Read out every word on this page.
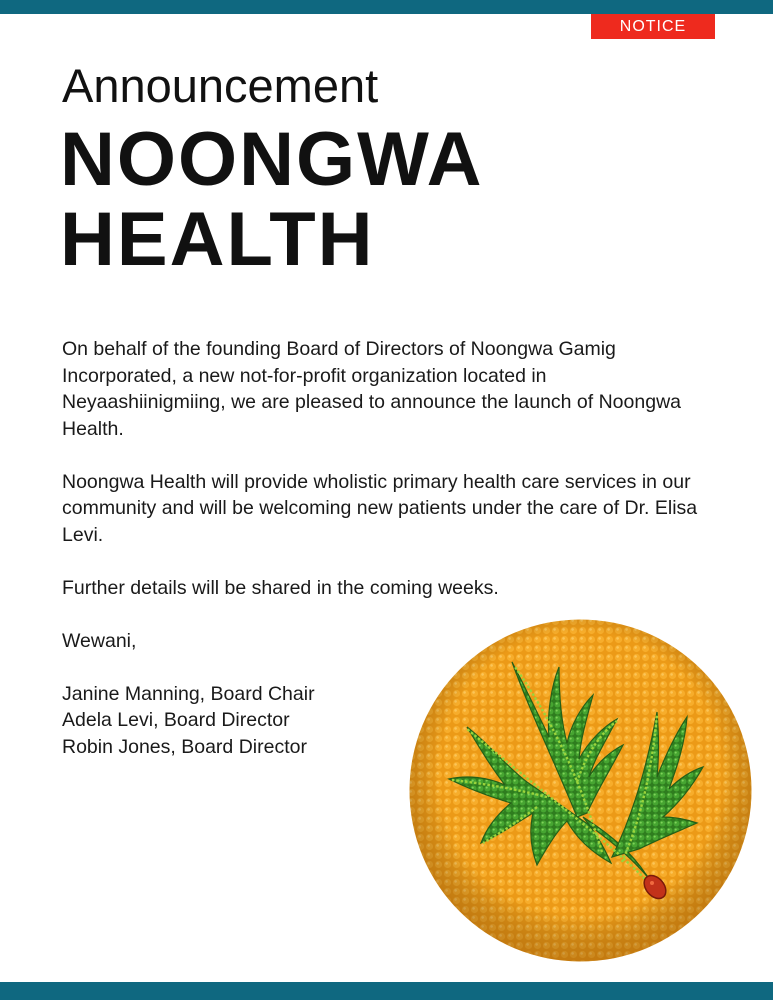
NOTICE
Announcement
NOONGWA
HEALTH

On behalf of the founding Board of Directors of Noongwa Gamig Incorporated, a new not-for-profit organization located in Neyaashiinigmiing, we are pleased to announce the launch of Noongwa Health.

Noongwa Health will provide wholistic primary health care services in our community and will be welcoming new patients under the care of Dr. Elisa Levi.

Further details will be shared in the coming weeks.

Wewani,

Janine Manning, Board Chair
Adela Levi, Board Director
Robin Jones, Board Director
